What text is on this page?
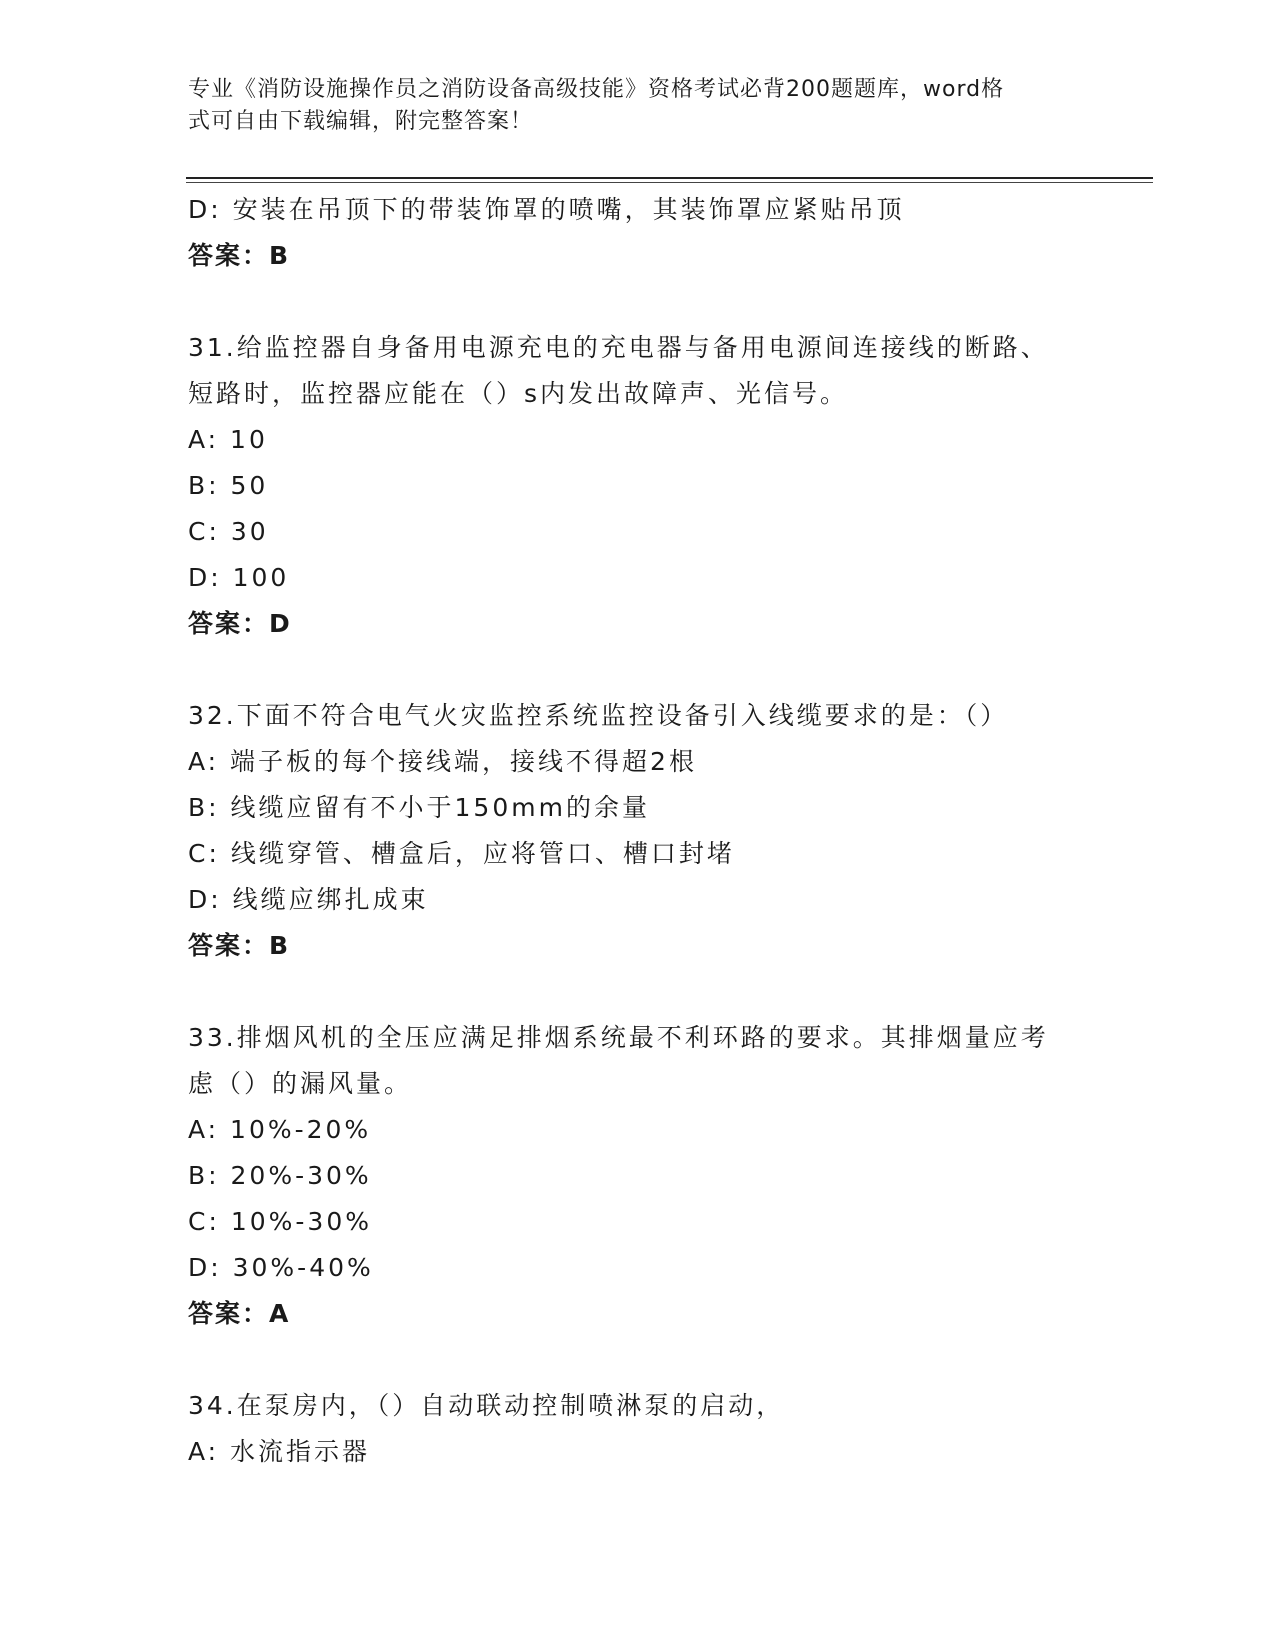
专业《消防设施操作员之消防设备高级技能》资格考试必背200题题库，word格
式可自由下载编辑，附完整答案！
D: 安装在吊顶下的带装饰罩的喷嘴，其装饰罩应紧贴吊顶
答案：B
31.给监控器自身备用电源充电的充电器与备用电源间连接线的断路、
短路时，监控器应能在（）s内发出故障声、光信号。
A: 10
B: 50
C: 30
D: 100
答案：D
32.下面不符合电气火灾监控系统监控设备引入线缆要求的是：（）
A: 端子板的每个接线端，接线不得超2根
B: 线缆应留有不小于150mm的余量
C: 线缆穿管、槽盒后，应将管口、槽口封堵
D: 线缆应绑扎成束
答案：B
33.排烟风机的全压应满足排烟系统最不利环路的要求。其排烟量应考
虑（）的漏风量。
A: 10%-20%
B: 20%-30%
C: 10%-30%
D: 30%-40%
答案：A
34.在泵房内，（）自动联动控制喷淋泵的启动，
A: 水流指示器
